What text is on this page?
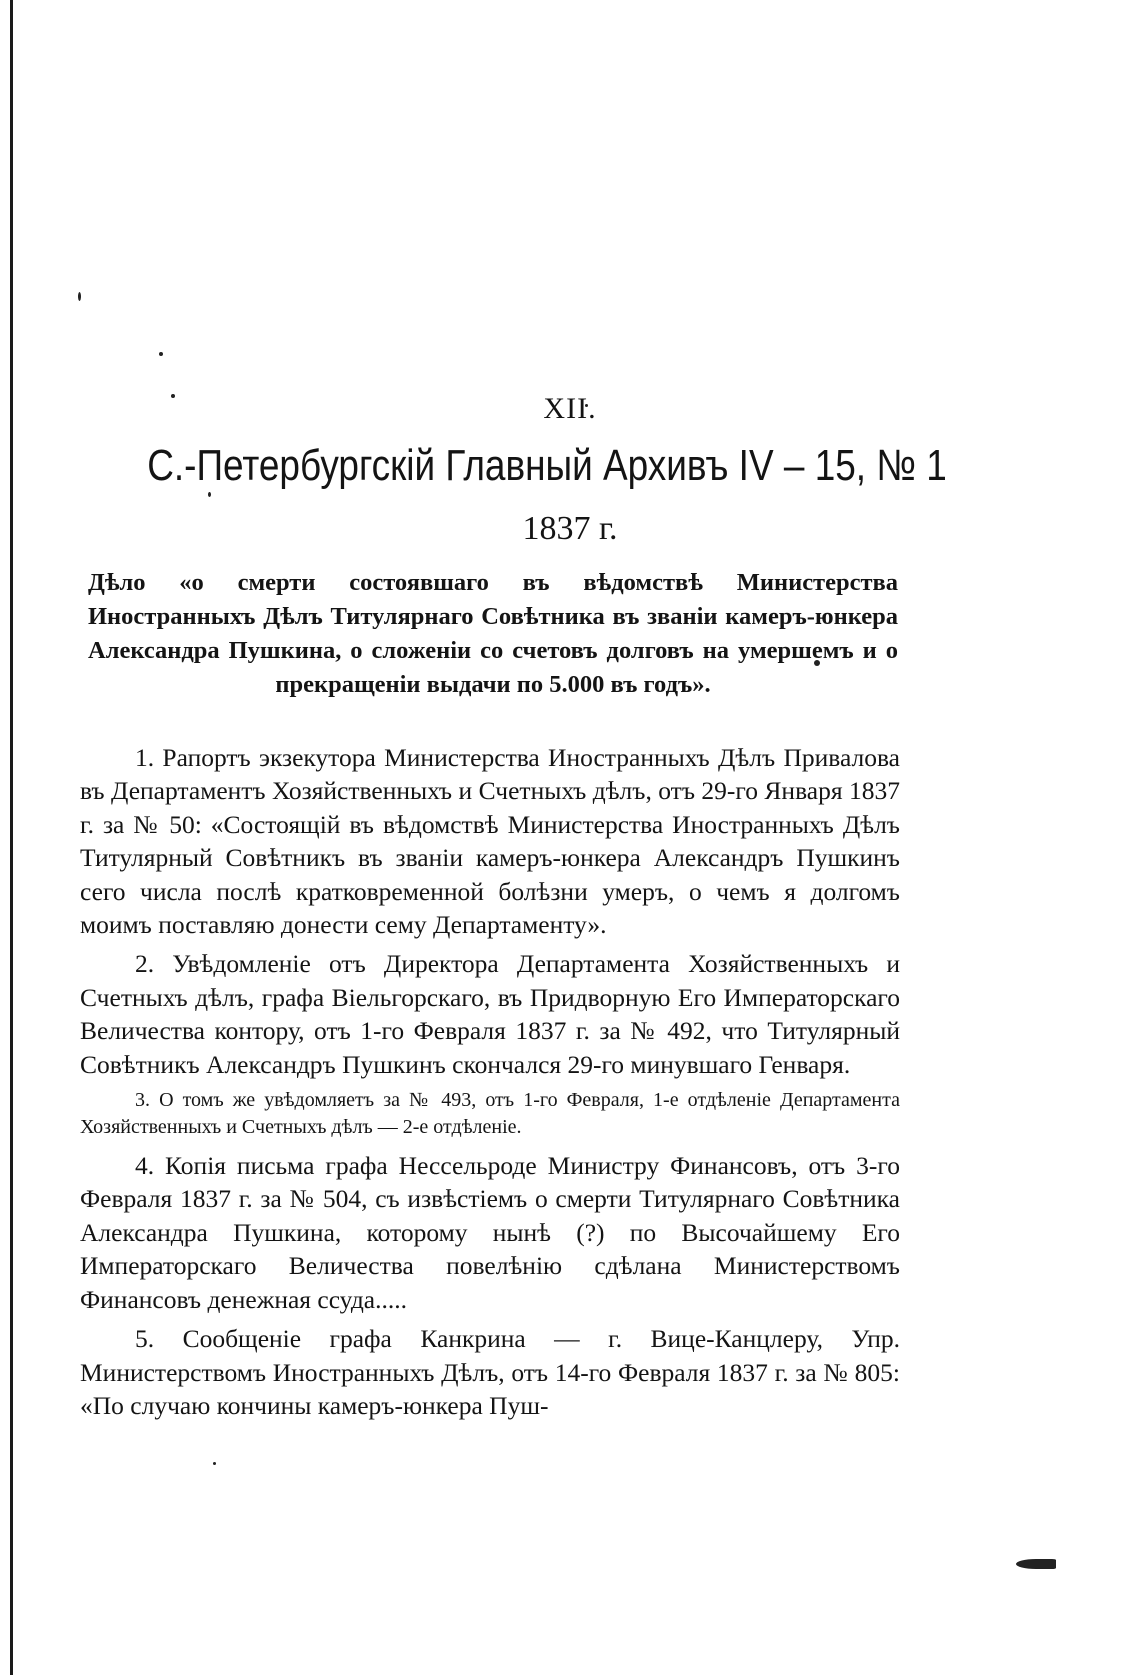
XII.
С.-Петербургскій Главный Архивъ IV – 15, № 1
1837 г.

Дѣло «о смерти состоявшаго въ вѣдомствѣ Министерства Иностранныхъ Дѣлъ Титулярнаго Совѣтника въ званіи камеръ-юнкера Александра Пушкина, о сложеніи со счетовъ долговъ на умершемъ и о прекращеніи выдачи по 5.000 въ годъ».

1. Рапортъ экзекутора Министерства Иностранныхъ Дѣлъ Привалова въ Департаментъ Хозяйственныхъ и Счетныхъ дѣлъ, отъ 29-го Января 1837 г. за № 50: «Состоящій въ вѣдомствѣ Министерства Иностранныхъ Дѣлъ Титулярный Совѣтникъ въ званіи камеръ-юнкера Александръ Пушкинъ сего числа послѣ кратковременной болѣзни умеръ, о чемъ я долгомъ моимъ поставляю донести сему Департаменту».

2. Увѣдомленіе отъ Директора Департамента Хозяйственныхъ и Счетныхъ дѣлъ, графа Віельгорскаго, въ Придворную Его Императорскаго Величества контору, отъ 1-го Февраля 1837 г. за № 492, что Титулярный Совѣтникъ Александръ Пушкинъ скончался 29-го минувшаго Генваря.

3. О томъ же увѣдомляетъ за № 493, отъ 1-го Февраля, 1-е отдѣленіе Департамента Хозяйственныхъ и Счетныхъ дѣлъ — 2-е отдѣленіе.

4. Копія письма графа Нессельроде Министру Финансовъ, отъ 3-го Февраля 1837 г. за № 504, съ извѣстіемъ о смерти Титулярнаго Совѣтника Александра Пушкина, которому нынѣ (?) по Высочайшему Его Императорскаго Величества повелѣнію сдѣлана Министерствомъ Финансовъ денежная ссуда.....

5. Сообщеніе графа Канкрина — г. Вице-Канцлеру, Упр. Министерствомъ Иностранныхъ Дѣлъ, отъ 14-го Февраля 1837 г. за № 805: «По случаю кончины камеръ-юнкера Пуш-
